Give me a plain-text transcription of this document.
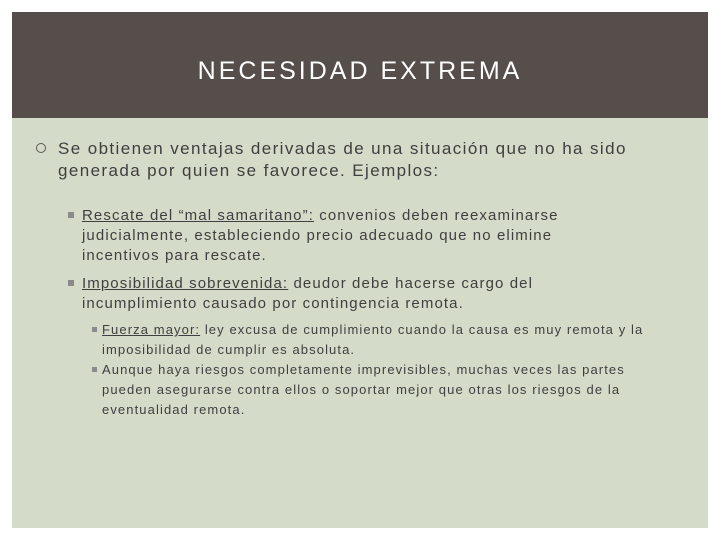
NECESIDAD EXTREMA
Se obtienen ventajas derivadas de una situación que no ha sido generada por quien se favorece. Ejemplos:
Rescate del “mal samaritano”: convenios deben reexaminarse judicialmente, estableciendo precio adecuado que no elimine incentivos para rescate.
Imposibilidad sobrevenida: deudor debe hacerse cargo del incumplimiento causado por contingencia remota.
Fuerza mayor: ley excusa de cumplimiento cuando la causa es muy remota y la imposibilidad de cumplir es absoluta.
Aunque haya riesgos completamente imprevisibles, muchas veces las partes pueden asegurarse contra ellos o soportar mejor que otras los riesgos de la eventualidad remota.
